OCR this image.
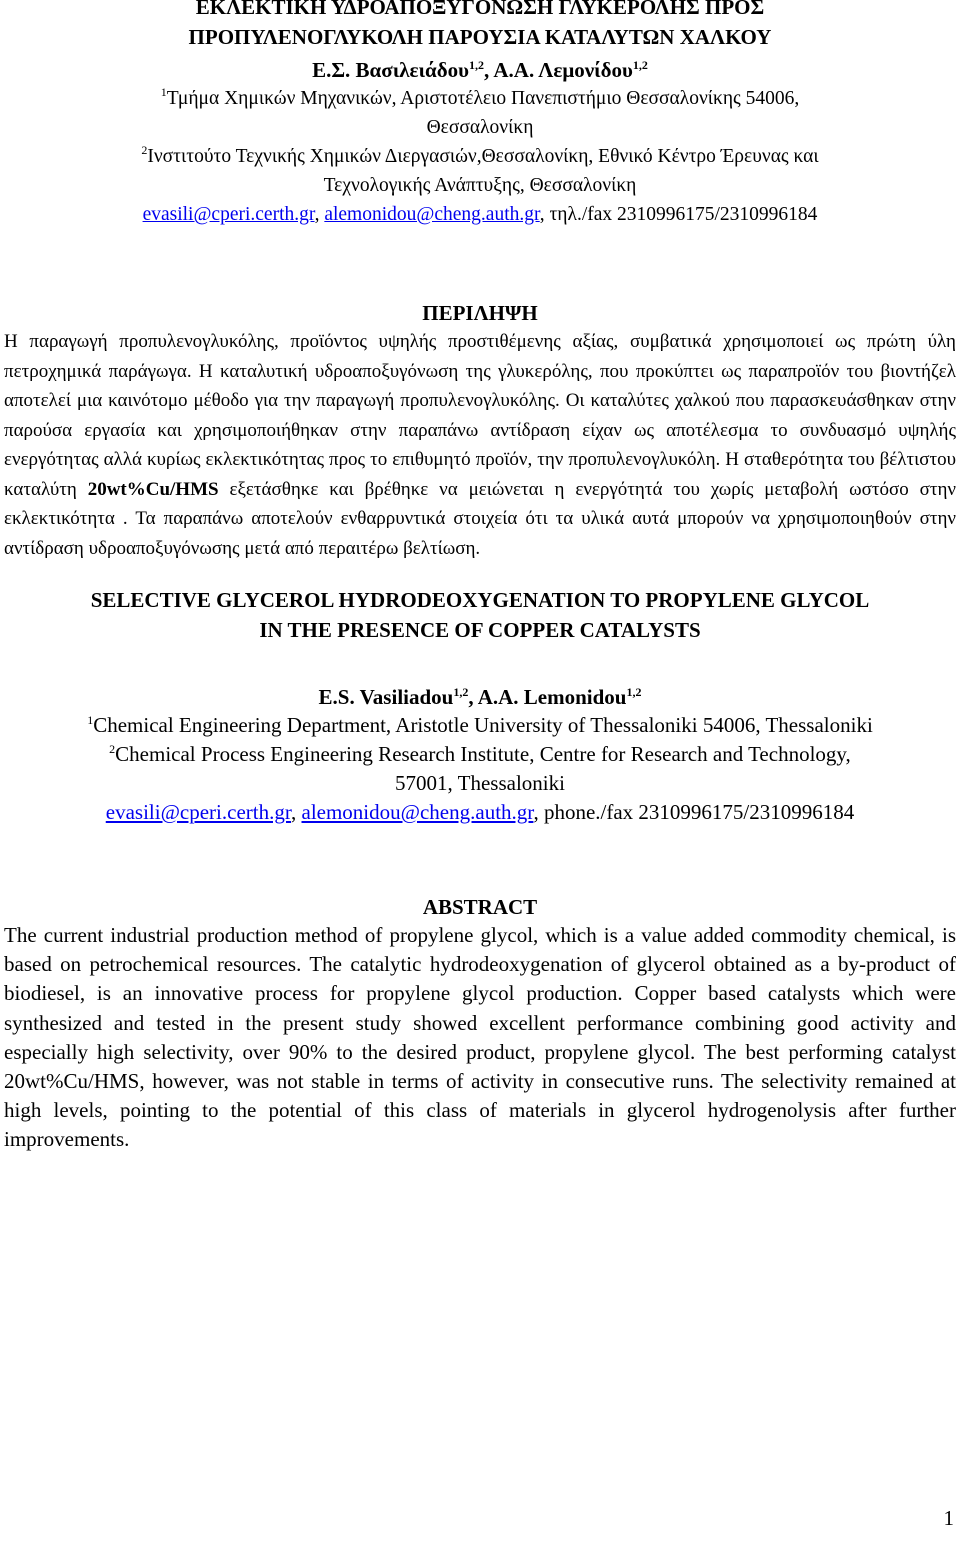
ΕΚΛΕΚΤΙΚΗ ΥΔΡΟΑΠΟΞΥΓΟΝΩΣΗ ΓΛΥΚΕΡΟΛΗΣ ΠΡΟΣ

ΠΡΟΠΥΛΕΝΟΓΛΥΚΟΛΗ ΠΑΡΟΥΣΙΑ ΚΑΤΑΛΥΤΩΝ ΧΑΛΚΟΥ

Ε.Σ. Βασιλειάδου$^{1,2}$, Α.Α. Λεμονίδου$^{1,2}$

$^1$Τμήμα Χημικών Μηχανικών, Αριστοτέλειο Πανεπιστήμιο Θεσσαλονίκης 54006,

Θεσσαλονίκη

$^2$Ινστιτούτο Τεχνικής Χημικών Διεργασιών,Θεσσαλονίκη, Εθνικό Κέντρο Έρευνας και

Τεχνολογικής Ανάπτυξης, Θεσσαλονίκη

evasili@cperi.certh.gr, alemonidou@cheng.auth.gr, τηλ./fax 2310996175/2310996184

ΠΕΡΙΛΗΨΗ

Η παραγωγή προπυλενογλυκόλης, προϊόντος υψηλής προστιθέμενης αξίας, συμβατικά χρησιμοποιεί ως πρώτη ύλη πετροχημικά παράγωγα. Η καταλυτική υδροαποξυγόνωση της γλυκερόλης, που προκύπτει ως παραπροϊόν του βιοντήζελ αποτελεί μια καινότομο μέθοδο για την παραγωγή προπυλενογλυκόλης. Οι καταλύτες χαλκού που παρασκευάσθηκαν στην παρούσα εργασία και χρησιμοποιήθηκαν στην παραπάνω αντίδραση είχαν ως αποτέλεσμα το συνδυασμό υψηλής ενεργότητας αλλά κυρίως εκλεκτικότητας προς το επιθυμητό προϊόν, την προπυλενογλυκόλη. Η σταθερότητα του βέλτιστου καταλύτη 20wt%Cu/HMS εξετάσθηκε και βρέθηκε να μειώνεται η ενεργότητά του χωρίς μεταβολή ωστόσο στην εκλεκτικότητα . Τα παραπάνω αποτελούν ενθαρρυντικά στοιχεία ότι τα υλικά αυτά μπορούν να χρησιμοποιηθούν στην αντίδραση υδροαποξυγόνωσης μετά από περαιτέρω βελτίωση.

SELECTIVE GLYCEROL HYDRODEOXYGENATION TO PROPYLENE GLYCOL

IN THE PRESENCE OF COPPER CATALYSTS

E.S. Vasiliadou$^{1,2}$, A.A. Lemonidou$^{1,2}$

$^1$Chemical Engineering Department, Aristotle University of Thessaloniki 54006, Thessaloniki

$^2$Chemical Process Engineering Research Institute, Centre for Research and Technology,

57001, Thessaloniki

evasili@cperi.certh.gr, alemonidou@cheng.auth.gr, phone./fax 2310996175/2310996184

ABSTRACT

The current industrial production method of propylene glycol, which is a value added commodity chemical, is based on petrochemical resources. The catalytic hydrodeoxygenation of glycerol obtained as a by-product of biodiesel, is an innovative process for propylene glycol production. Copper based catalysts which were synthesized and tested in the present study showed excellent performance combining good activity and especially high selectivity, over 90% to the desired product, propylene glycol. The best performing catalyst 20wt%Cu/HMS, however, was not stable in terms of activity in consecutive runs. The selectivity remained at high levels, pointing to the potential of this class of materials in glycerol hydrogenolysis after further improvements.

1
